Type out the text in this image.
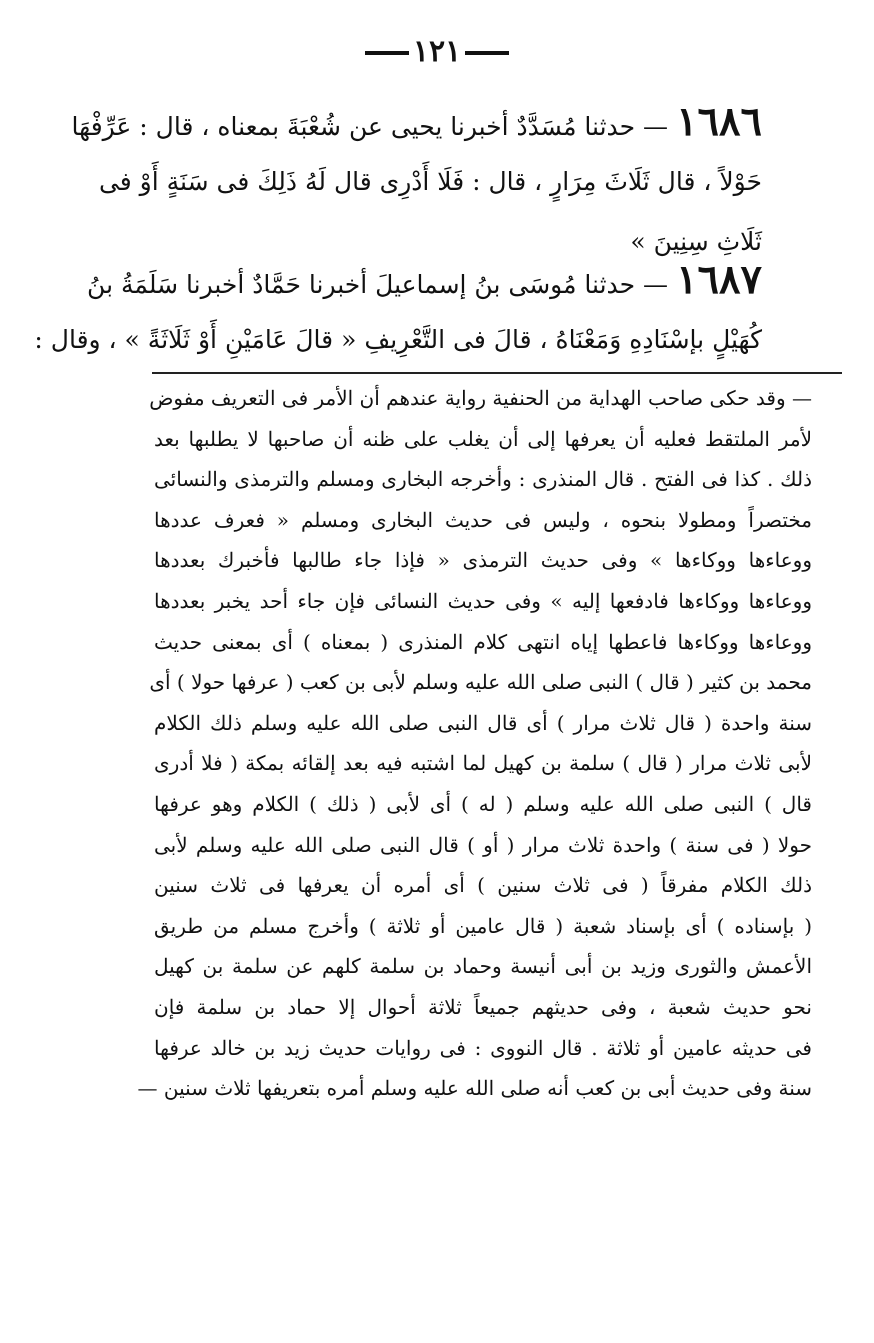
١٢١
١٦٨٦— حدثنا مُسَدَّدٌ أخبرنا يحيى عن شُعْبَةَ بمعناه ، قال : عَرِّفْهَا
حَوْلاً ، قال ثَلَاثَ مِرَارٍ ، قال : فَلَا أَدْرِى قال لَهُ ذَلِكَ فى سَنَةٍ أَوْ فى
ثَلَاثِ سِنِينَ »
١٦٨٧— حدثنا مُوسَى بنُ إسماعيلَ أخبرنا حَمَّادٌ أخبرنا سَلَمَةُ بنُ
كُهَيْلٍ بإسْنَادِهِ وَمَعْنَاهُ ، قالَ فى التَّعْرِيفِ « قالَ عَامَيْنِ أَوْ ثَلَاثَةً » ، وقال :
— وقد حكى صاحب الهداية من الحنفية رواية عندهم أن الأمر فى التعريف مفوض
لأمر الملتقط فعليه أن يعرفها إلى أن يغلب على ظنه أن صاحبها لا يطلبها بعد
ذلك . كذا فى الفتح . قال المنذرى : وأخرجه البخارى ومسلم والترمذى والنسائى
مختصراً ومطولا بنحوه ، وليس فى حديث البخارى ومسلم « فعرف عددها
ووعاءها ووكاءها » وفى حديث الترمذى « فإذا جاء طالبها فأخبرك بعددها
ووعاءها ووكاءها فادفعها إليه » وفى حديث النسائى فإن جاء أحد يخبر بعددها
ووعاءها ووكاءها فاعطها إياه انتهى كلام المنذرى ( بمعناه ) أى بمعنى حديث
محمد بن كثير ( قال ) النبى صلى الله عليه وسلم لأبى بن كعب ( عرفها حولا ) أى
سنة واحدة ( قال ثلاث مرار ) أى قال النبى صلى الله عليه وسلم ذلك الكلام
لأبى ثلاث مرار ( قال ) سلمة بن كهيل لما اشتبه فيه بعد إلقائه بمكة ( فلا أدرى
قال ) النبى صلى الله عليه وسلم ( له ) أى لأبى ( ذلك ) الكلام وهو عرفها
حولا ( فى سنة ) واحدة ثلاث مرار ( أو ) قال النبى صلى الله عليه وسلم لأبى
ذلك الكلام مفرقاً ( فى ثلاث سنين ) أى أمره أن يعرفها فى ثلاث سنين
( بإسناده ) أى بإسناد شعبة ( قال عامين أو ثلاثة ) وأخرج مسلم من طريق
الأعمش والثورى وزيد بن أبى أنيسة وحماد بن سلمة كلهم عن سلمة بن كهيل
نحو حديث شعبة ، وفى حديثهم جميعاً ثلاثة أحوال إلا حماد بن سلمة فإن
فى حديثه عامين أو ثلاثة . قال النووى : فى روايات حديث زيد بن خالد عرفها
سنة وفى حديث أبى بن كعب أنه صلى الله عليه وسلم أمره بتعريفها ثلاث سنين —
